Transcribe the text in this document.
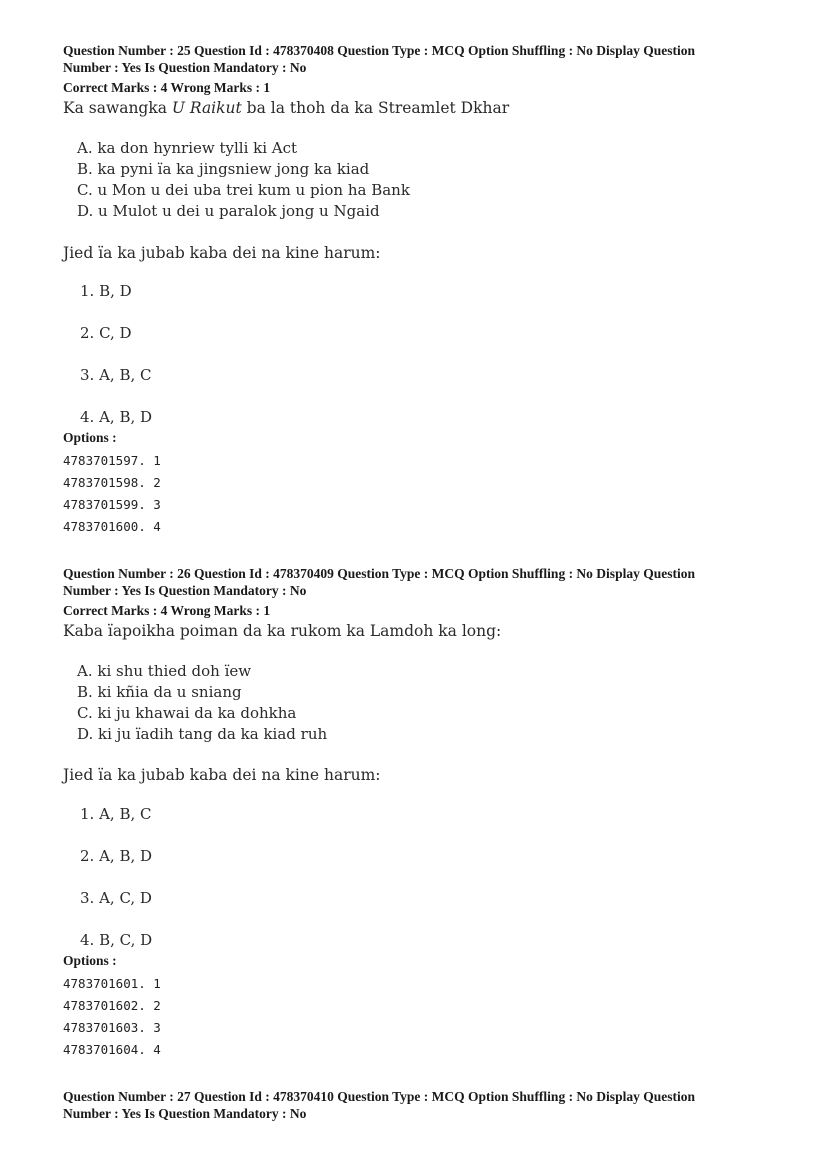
Question Number : 25 Question Id : 478370408 Question Type : MCQ Option Shuffling : No Display Question
Number : Yes Is Question Mandatory : No
Correct Marks : 4 Wrong Marks : 1
Ka sawangka U Raikut ba la thoh da ka Streamlet Dkhar
A. ka don hynriew tylli ki Act
B. ka pyni ïa ka jingsniew jong ka kiad
C. u Mon u dei uba trei kum u pion ha Bank
D. u Mulot u dei u paralok jong u Ngaid
Jied ïa ka jubab kaba dei na kine harum:
1. B, D
2. C, D
3. A, B, C
4. A, B, D
Options :
4783701597. 1
4783701598. 2
4783701599. 3
4783701600. 4
Question Number : 26 Question Id : 478370409 Question Type : MCQ Option Shuffling : No Display Question
Number : Yes Is Question Mandatory : No
Correct Marks : 4 Wrong Marks : 1
Kaba ïapoikha poiman da ka rukom ka Lamdoh ka long:
A. ki shu thied doh ïew
B. ki kñia da u sniang
C. ki ju khawai da ka dohkha
D. ki ju ïadih tang da ka kiad ruh
Jied ïa ka jubab kaba dei na kine harum:
1. A, B, C
2. A, B, D
3. A, C, D
4. B, C, D
Options :
4783701601. 1
4783701602. 2
4783701603. 3
4783701604. 4
Question Number : 27 Question Id : 478370410 Question Type : MCQ Option Shuffling : No Display Question
Number : Yes Is Question Mandatory : No
